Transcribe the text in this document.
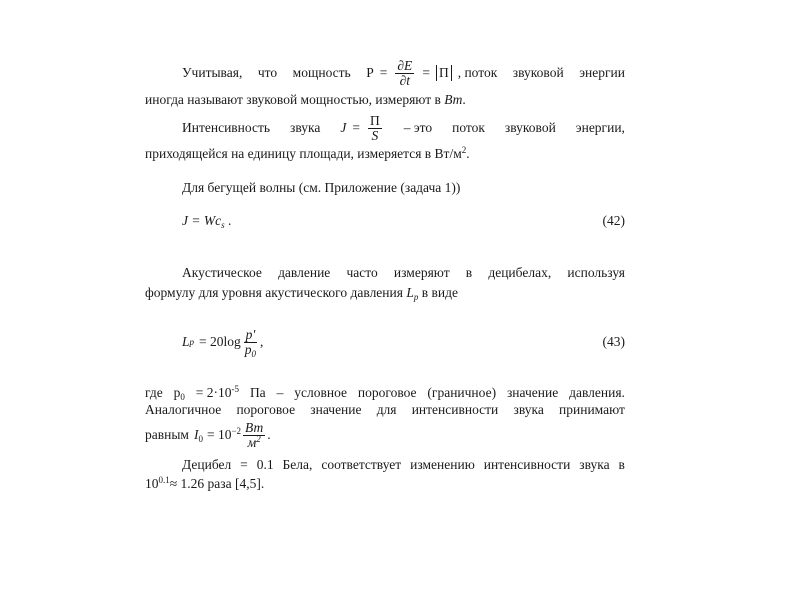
Учитывая, что мощность $P = \frac{\partial E}{\partial t} = П$ , поток звуковой энергии
иногда называют звуковой мощностью, измеряют в Вт.
Интенсивность звука $J = \frac{П}{S}$ – это поток звуковой энергии,
приходящейся на единицу площади, измеряется в $Вт/м^2$.
Для бегущей волны (см. Приложение (задача 1))
$J = Wc_s$ .	(42)
Акустическое давление часто измеряют в децибелах, используя
формулу для уровня акустического давления $L_p$ в виде
L $p = 20\log \frac{p'}{p_0}$ ,	(43)
где $p_0 = 2\cdot 10^{-5}$ Па – условное пороговое (граничное) значение давления.
Аналогичное пороговое значение для интенсивности звука принимают
равным $I_0 = 10^{-2} \frac{Вт}{м^2}$ .
Децибел = 0.1 Бела, соответствует изменению интенсивности звука в
$10^{0.1}\approx 1.26$ раза [4,5].
